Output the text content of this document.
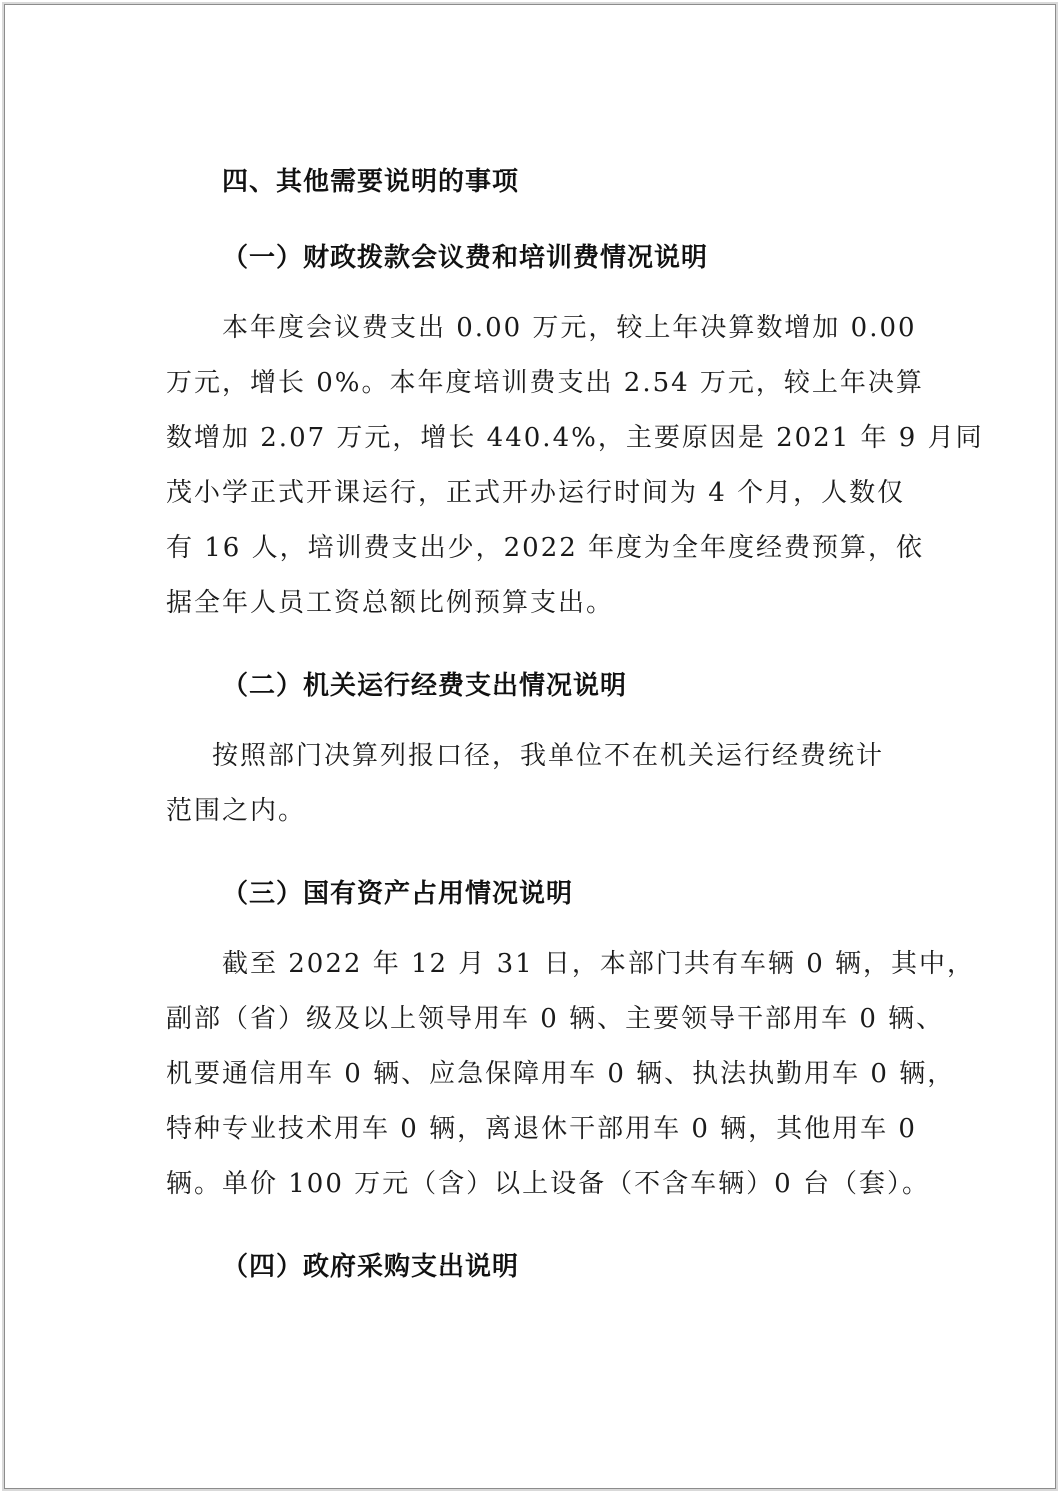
四、其他需要说明的事项
（一）财政拨款会议费和培训费情况说明
本年度会议费支出 0.00 万元，较上年决算数增加 0.00
万元，增长 0%。本年度培训费支出 2.54 万元，较上年决算
数增加 2.07 万元，增长 440.4%，主要原因是 2021 年 9 月同
茂小学正式开课运行，正式开办运行时间为 4 个月，人数仅
有 16 人，培训费支出少，2022 年度为全年度经费预算，依
据全年人员工资总额比例预算支出。
（二）机关运行经费支出情况说明
按照部门决算列报口径，我单位不在机关运行经费统计
范围之内。
（三）国有资产占用情况说明
截至 2022 年 12 月 31 日，本部门共有车辆 0 辆，其中，
副部（省）级及以上领导用车 0 辆、主要领导干部用车 0 辆、
机要通信用车 0 辆、应急保障用车 0 辆、执法执勤用车 0 辆，
特种专业技术用车 0 辆，离退休干部用车 0 辆，其他用车 0
辆。单价 100 万元（含）以上设备（不含车辆）0 台（套）。
（四）政府采购支出说明
